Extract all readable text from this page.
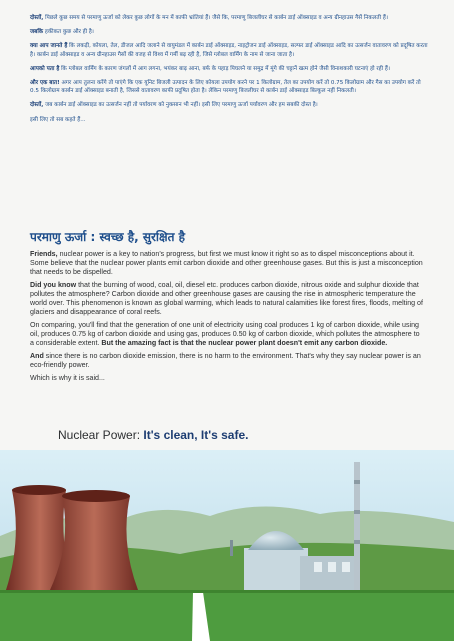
दोस्तों, पिछले कुछ समय से परमाणु ऊर्जा को लेकर कुछ लोगों के मन में काफी भ्रांतियां हैं। जैसे कि, परमाणु बिजलीघर से कार्बन डाई ऑक्साइड व अन्य ग्रीनहाउस गैसें निकलती हैं।

जबकि हकीकत कुछ और ही है।

क्या आप जानते हैं कि लकड़ी, कोयला, तेल, डीजल आदि जलाने से वायुमंडल में कार्बन डाई ऑक्साइड, नाइट्रोजन डाई ऑक्साइड, सल्फर डाई ऑक्साइड आदि का उत्सर्जन वातावरण को प्रदूषित करता है। कार्बन डाई ऑक्साइड व अन्य ग्रीनहाउस गैसों की वजह से विश्व में गर्मी बढ़ रही है, जिसे ग्लोबल वार्मिंग के नाम से जाना जाता है।

आपको पता है कि ग्लोबल वार्मिंग के कारण जंगलों में आग लगना, भयंकर बाढ़ आना, बर्फ के पहाड़ पिघलने या समुद्र में मूंगे की चट्टानें खत्म होने जैसी विनाशकारी घटनाएं हो रही हैं।

और एक बात! अगर आप तुलना करेंगे तो पाएंगे कि एक यूनिट बिजली उत्पादन के लिए कोयला उपयोग करने पर 1 किलोग्राम, तेल का उपयोग करें तो 0.75 किलोग्राम और गैस का उपयोग करें तो 0.5 किलोग्राम कार्बन डाई ऑक्साइड बनाती है, जिससे वातावरण काफी प्रदूषित होता है। लेकिन परमाणु बिजलीघर से कार्बन डाई ऑक्साइड बिल्कुल नहीं निकलती।

दोस्तों, जब कार्बन डाई ऑक्साइड का उत्सर्जन नहीं तो पर्यावरण को नुकसान भी नहीं। इसी लिए परमाणु ऊर्जा पर्यावरण और हम सबकी दोस्त है।

इसी लिए तो सब कहते हैं...

परमाणु ऊर्जा : स्वच्छ है, सुरक्षित है

Friends, nuclear power is a key to nation's progress, but first we must know it right so as to dispel misconceptions about it. Some believe that the nuclear power plants emit carbon dioxide and other greenhouse gases. But this is just a misconception that needs to be dispelled.

Did you know that the burning of wood, coal, oil, diesel etc. produces carbon dioxide, nitrous oxide and sulphur dioxide that pollutes the atmosphere? Carbon dioxide and other greenhouse gases are causing the rise in atmospheric temperature the world over. This phenomenon is known as global warming, which leads to natural calamities like forest fires, floods, melting of glaciers and disappearance of coral reefs.

On comparing, you'll find that the generation of one unit of electricity using coal produces 1 kg of carbon dioxide, while using oil, produces 0.75 kg of carbon dioxide and using gas, produces 0.50 kg of carbon dioxide, which pollutes the atmosphere to a considerable extent. But the amazing fact is that the nuclear power plant doesn't emit any carbon dioxide.

And since there is no carbon dioxide emission, there is no harm to the environment. That's why they say nuclear power is an eco-friendly power.

Which is why it is said...

Nuclear Power: It's clean, It's safe.
